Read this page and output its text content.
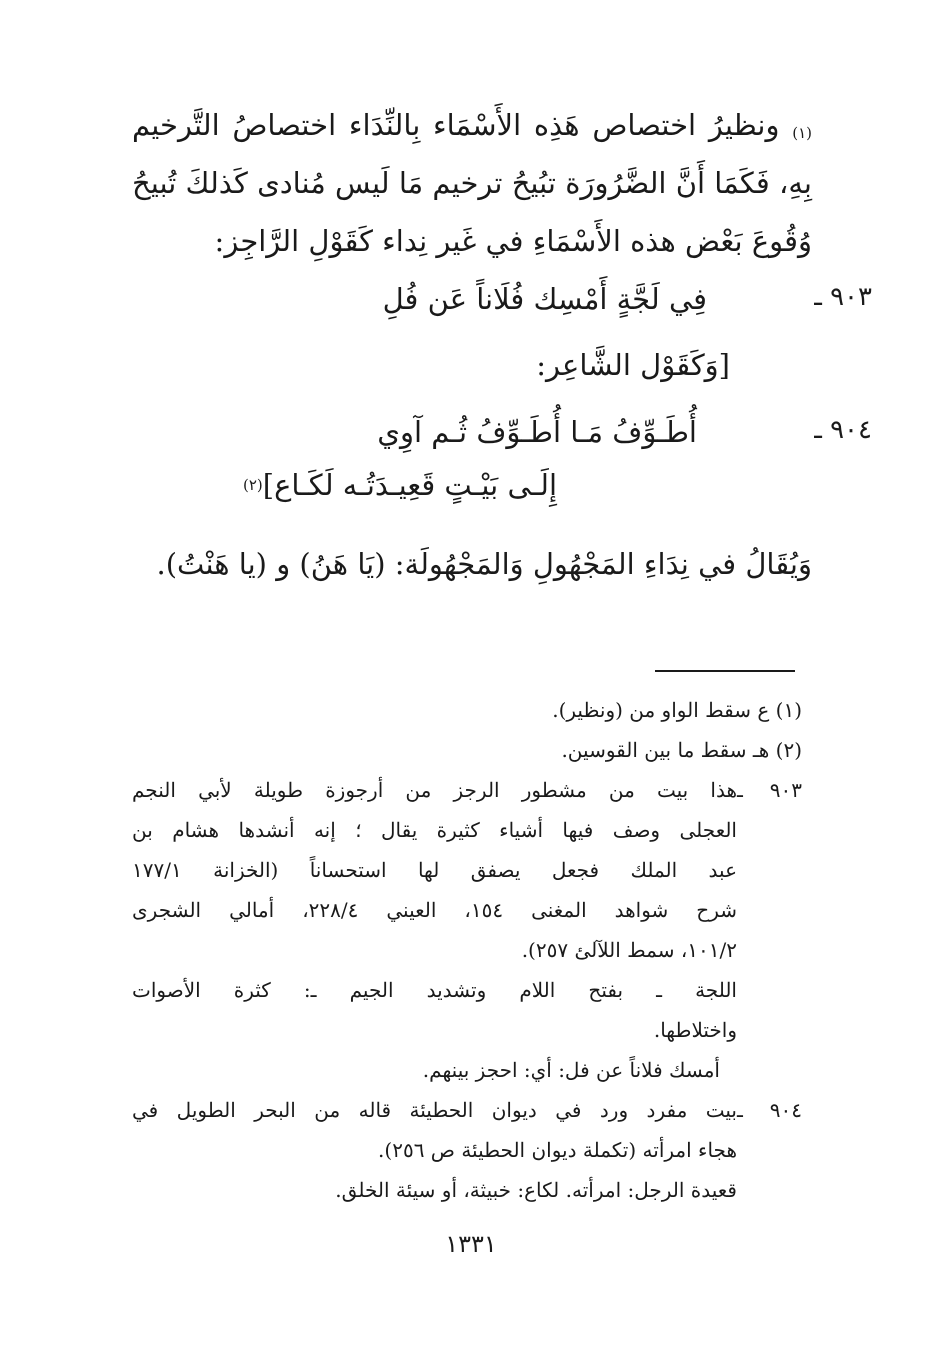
$^{(١)}$ ونظيرُ اختصاص هَذِه الأَسْمَاء بِالنِّدَاء اختصاصُ التَّرخيم بِهِ، فَكَمَا أَنَّ الضَّرُورَة تبُيحُ ترخيم مَا لَيس مُنادى كَذلكَ تُبيحُ وُقُوعَ بَعْض هذه الأَسْمَاءِ في غَير نِداء كَقَوْلِ الرَّاجِز:
٩٠٣ ـ
فِي لَجَّةٍ أَمْسِك فُلَاناً عَن فُلِ
[وَكَقَوْل الشَّاعِر:
٩٠٤ ـ
أُطَـوِّفُ مَـا أُطَـوِّفُ ثُـم آوِي
إِلَـى بَيْـتٍ قَعِيـدَتُـه لَكَـاع]$^{(٢)}$
وَيُقَالُ في نِدَاءِ المَجْهُولِ وَالمَجْهُولَة: (يَا هَنُ) و (يا هَنْتُ).
(١) ع سقط الواو من (ونظير).
(٢) هـ سقط ما بين القوسين.
٩٠٣ ـهذا بيت من مشطور الرجز من أرجوزة طويلة لأبي النجم
العجلى وصف فيها أشياء كثيرة يقال ؛ إنه أنشدها هشام بن
عبد الملك فجعل يصفق لها استحساناً (الخزانة ١٧٧/١
شرح شواهد المغنى ١٥٤، العيني ٢٢٨/٤، أمالي الشجرى
١٠١/٢، سمط اللآلئ ٢٥٧).
اللجة ـ بفتح اللام وتشديد الجيم ـ: كثرة الأصوات
واختلاطها.
أمسك فلاناً عن فل: أي: احجز بينهم.
٩٠٤ ـبيت مفرد ورد في ديوان الحطيئة قاله من البحر الطويل في
هجاء امرأته (تكملة ديوان الحطيئة ص ٢٥٦).
قعيدة الرجل: امرأته. لكاع: خبيثة، أو سيئة الخلق.
١٣٣١
